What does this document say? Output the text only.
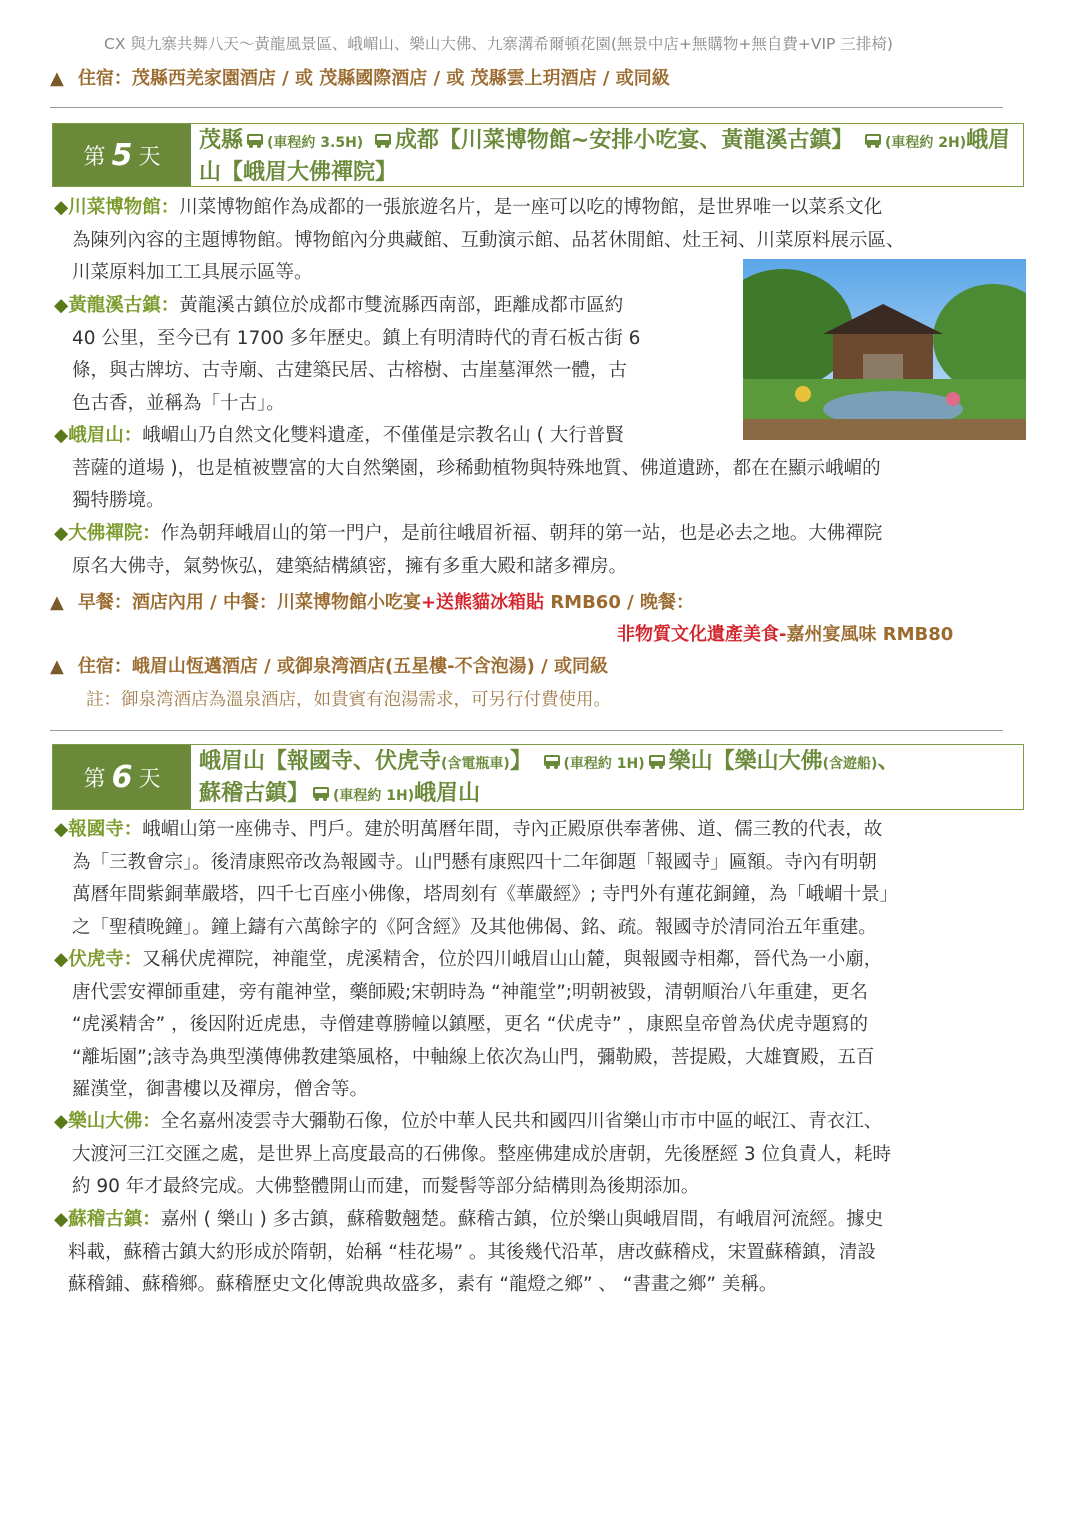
CX 與九寨共舞八天～黃龍風景區、峨嵋山、樂山大佛、九寨溝希爾頓花園(無景中店+無購物+無自費+VIP 三排椅)
▲ 住宿：茂縣西羌家園酒店 / 或 茂縣國際酒店 / 或 茂縣雲上玥酒店 / 或同級
第 5 天
茂縣 (車程約 3.5H) 成都【川菜博物館~安排小吃宴、黃龍溪古鎮】 (車程約 2H)峨眉山【峨眉大佛禪院】
◆川菜博物館：川菜博物館作為成都的一張旅遊名片，是一座可以吃的博物館，是世界唯一以菜系文化
為陳列內容的主題博物館。博物館內分典藏館、互動演示館、品茗休閒館、灶王祠、川菜原料展示區、
川菜原料加工工具展示區等。
◆黃龍溪古鎮：黃龍溪古鎮位於成都市雙流縣西南部，距離成都市區約
40 公里，至今已有 1700 多年歷史。鎮上有明清時代的青石板古街 6
條，與古牌坊、古寺廟、古建築民居、古榕樹、古崖墓渾然一體，古
色古香，並稱為「十古」。
◆峨眉山：峨嵋山乃自然文化雙料遺產，不僅僅是宗教名山 ( 大行普賢
菩薩的道場 )，也是植被豐富的大自然樂園，珍稀動植物與特殊地質、佛道遺跡，都在在顯示峨嵋的
獨特勝境。
◆大佛禪院：作為朝拜峨眉山的第一門户，是前往峨眉祈福、朝拜的第一站，也是必去之地。大佛禪院
原名大佛寺，氣勢恢弘，建築結構縝密，擁有多重大殿和諸多禪房。
▲ 早餐：酒店內用 / 中餐：川菜博物館小吃宴+送熊貓冰箱貼 RMB60 / 晚餐：
非物質文化遺產美食-嘉州宴風味 RMB80
▲ 住宿：峨眉山恆邁酒店 / 或御泉湾酒店(五星樓-不含泡湯) / 或同級
註：御泉湾酒店為溫泉酒店，如貴賓有泡湯需求，可另行付費使用。
第 6 天
峨眉山【報國寺、伏虎寺(含電瓶車)】 (車程約 1H) 樂山【樂山大佛(含遊船)、
蘇稽古鎮】 (車程約 1H)峨眉山
◆報國寺：峨嵋山第一座佛寺、門戶。建於明萬曆年間，寺內正殿原供奉著佛、道、儒三教的代表，故
為「三教會宗」。後清康熙帝改為報國寺。山門懸有康熙四十二年御題「報國寺」匾額。寺內有明朝
萬曆年間紫銅華嚴塔，四千七百座小佛像，塔周刻有《華嚴經》; 寺門外有蓮花銅鐘，為「峨嵋十景」
之「聖積晚鐘」。鐘上鑄有六萬餘字的《阿含經》及其他佛偈、銘、疏。報國寺於清同治五年重建。
◆伏虎寺：又稱伏虎禪院，神龍堂，虎溪精舍，位於四川峨眉山山麓，與報國寺相鄰，晉代為一小廟，
唐代雲安禪師重建，旁有龍神堂，藥師殿;宋朝時為 “神龍堂”;明朝被毀，清朝順治八年重建，更名
“虎溪精舍” ，後因附近虎患，寺僧建尊勝幢以鎮壓，更名 “伏虎寺” ，康熙皇帝曾為伏虎寺題寫的
“離垢園”;該寺為典型漢傳佛教建築風格，中軸線上依次為山門，彌勒殿，菩提殿，大雄寶殿，五百
羅漢堂，御書樓以及禪房，僧舍等。
◆樂山大佛：全名嘉州凌雲寺大彌勒石像，位於中華人民共和國四川省樂山市市中區的岷江、青衣江、
大渡河三江交匯之處，是世界上高度最高的石佛像。整座佛建成於唐朝，先後歷經 3 位負責人，耗時
約 90 年才最終完成。大佛整體開山而建，而髮髻等部分結構則為後期添加。
◆蘇稽古鎮：嘉州 ( 樂山 ) 多古鎮，蘇稽數翹楚。蘇稽古鎮，位於樂山與峨眉間，有峨眉河流經。據史
料載，蘇稽古鎮大約形成於隋朝，始稱 “桂花場” 。其後幾代沿革，唐改蘇稽戍，宋置蘇稽鎮，清設
蘇稽鋪、蘇稽鄉。蘇稽歷史文化傳說典故盛多，素有 “龍燈之鄉” 、 “書畫之鄉” 美稱。
